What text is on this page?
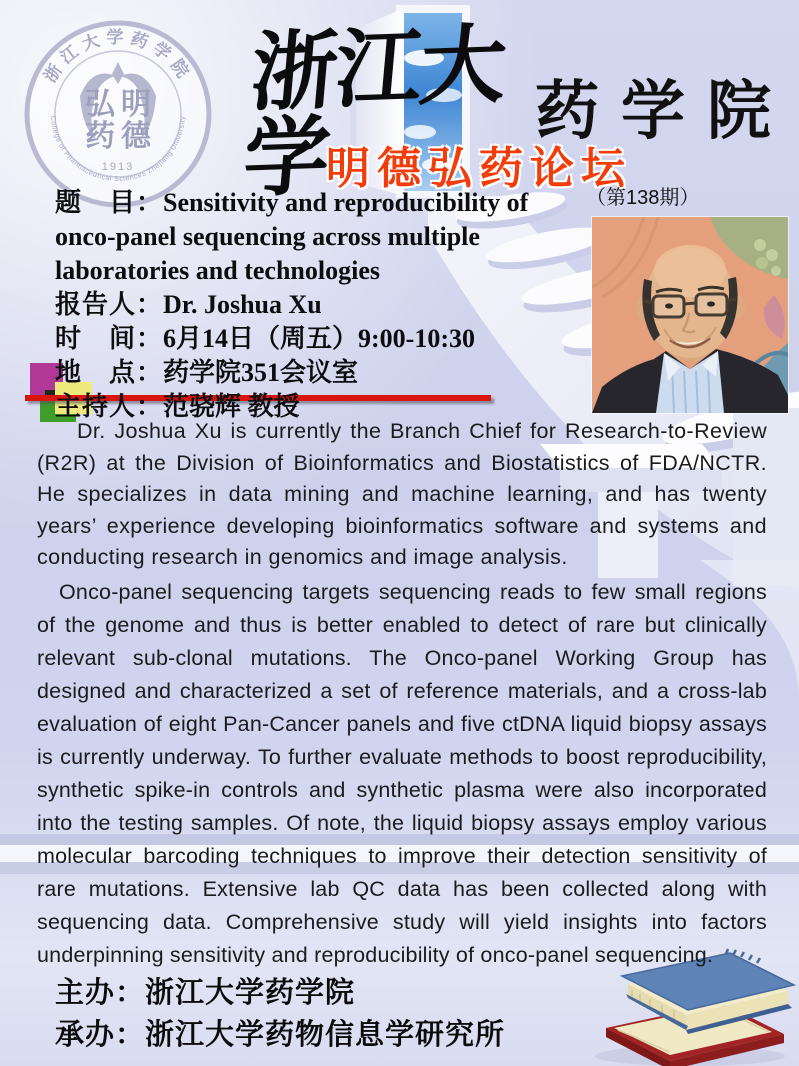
浙江大学药学院
College of Pharmaceutical Sciences Zhejiang University
弘 明
药 德
1913
浙江大学	药学院
明德弘药论坛
（第138期）

题　目：Sensitivity and reproducibility of onco-panel sequencing across multiple laboratories and technologies

报告人：Dr. Joshua Xu

时　间：6月14日（周五）9:00-10:30

地　点：药学院351会议室

主持人：范骁辉 教授

Dr. Joshua Xu is currently the Branch Chief for Research-to-Review (R2R) at the Division of Bioinformatics and Biostatistics of FDA/NCTR. He specializes in data mining and machine learning, and has twenty years’ experience developing bioinformatics software and systems and conducting research in genomics and image analysis.
Onco-panel sequencing targets sequencing reads to few small regions of the genome and thus is better enabled to detect of rare but clinically relevant sub-clonal mutations. The Onco-panel Working Group has designed and characterized a set of reference materials, and a cross-lab evaluation of eight Pan-Cancer panels and five ctDNA liquid biopsy assays is currently underway. To further evaluate methods to boost reproducibility, synthetic spike-in controls and synthetic plasma were also incorporated into the testing samples. Of note, the liquid biopsy assays employ various molecular barcoding techniques to improve their detection sensitivity of rare mutations. Extensive lab QC data has been collected along with sequencing data. Comprehensive study will yield insights into factors underpinning sensitivity and reproducibility of onco-panel sequencing.
主办：浙江大学药学院
承办：浙江大学药物信息学研究所
